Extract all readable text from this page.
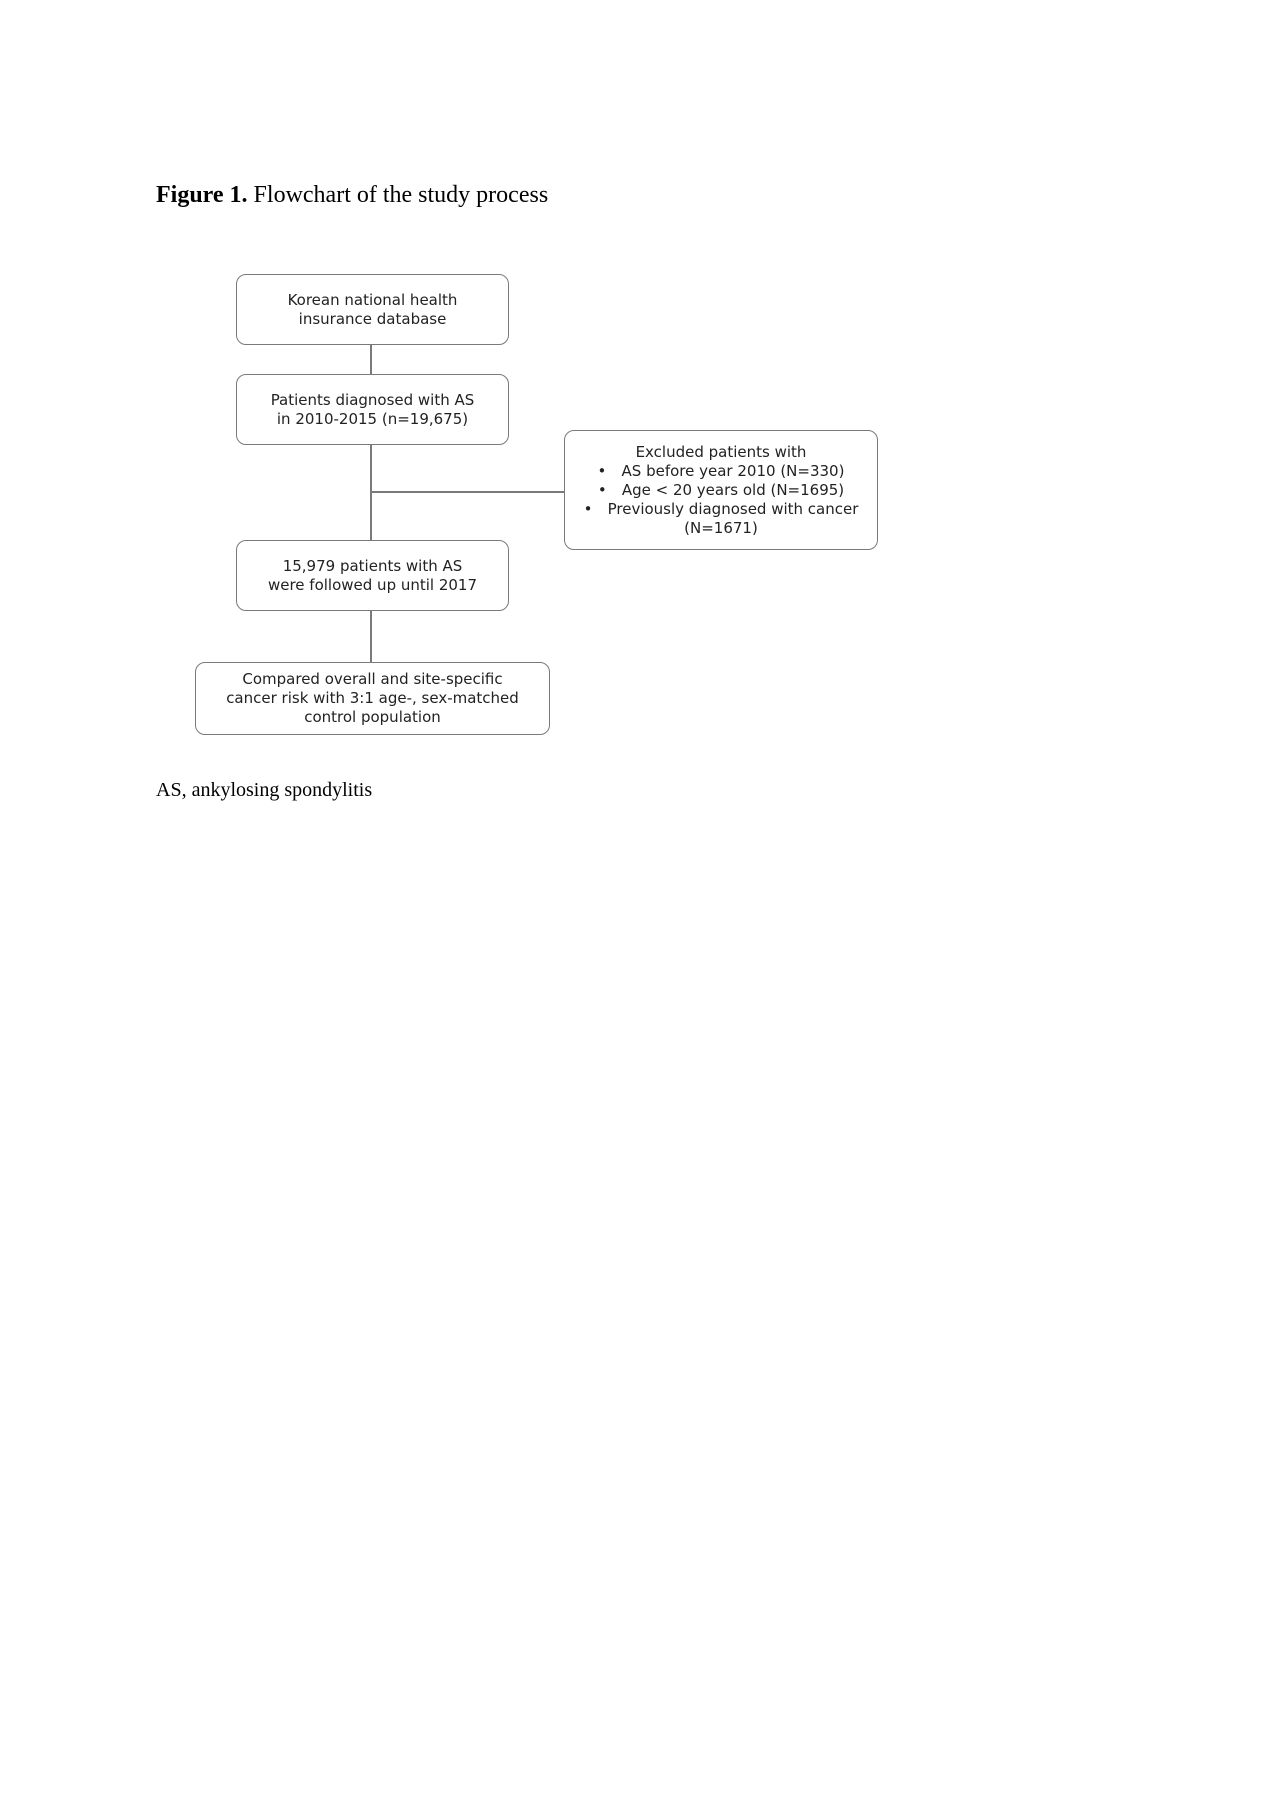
Figure 1. Flowchart of the study process
Korean national health
insurance database
Patients diagnosed with AS
in 2010-2015 (n=19,675)
Excluded patients with
•	AS before year 2010 (N=330)
•	Age < 20 years old (N=1695)
•	Previously diagnosed with cancer
(N=1671)
15,979 patients with AS
were followed up until 2017
Compared overall and site-specific
cancer risk with 3:1 age-, sex-matched
control population
AS, ankylosing spondylitis
